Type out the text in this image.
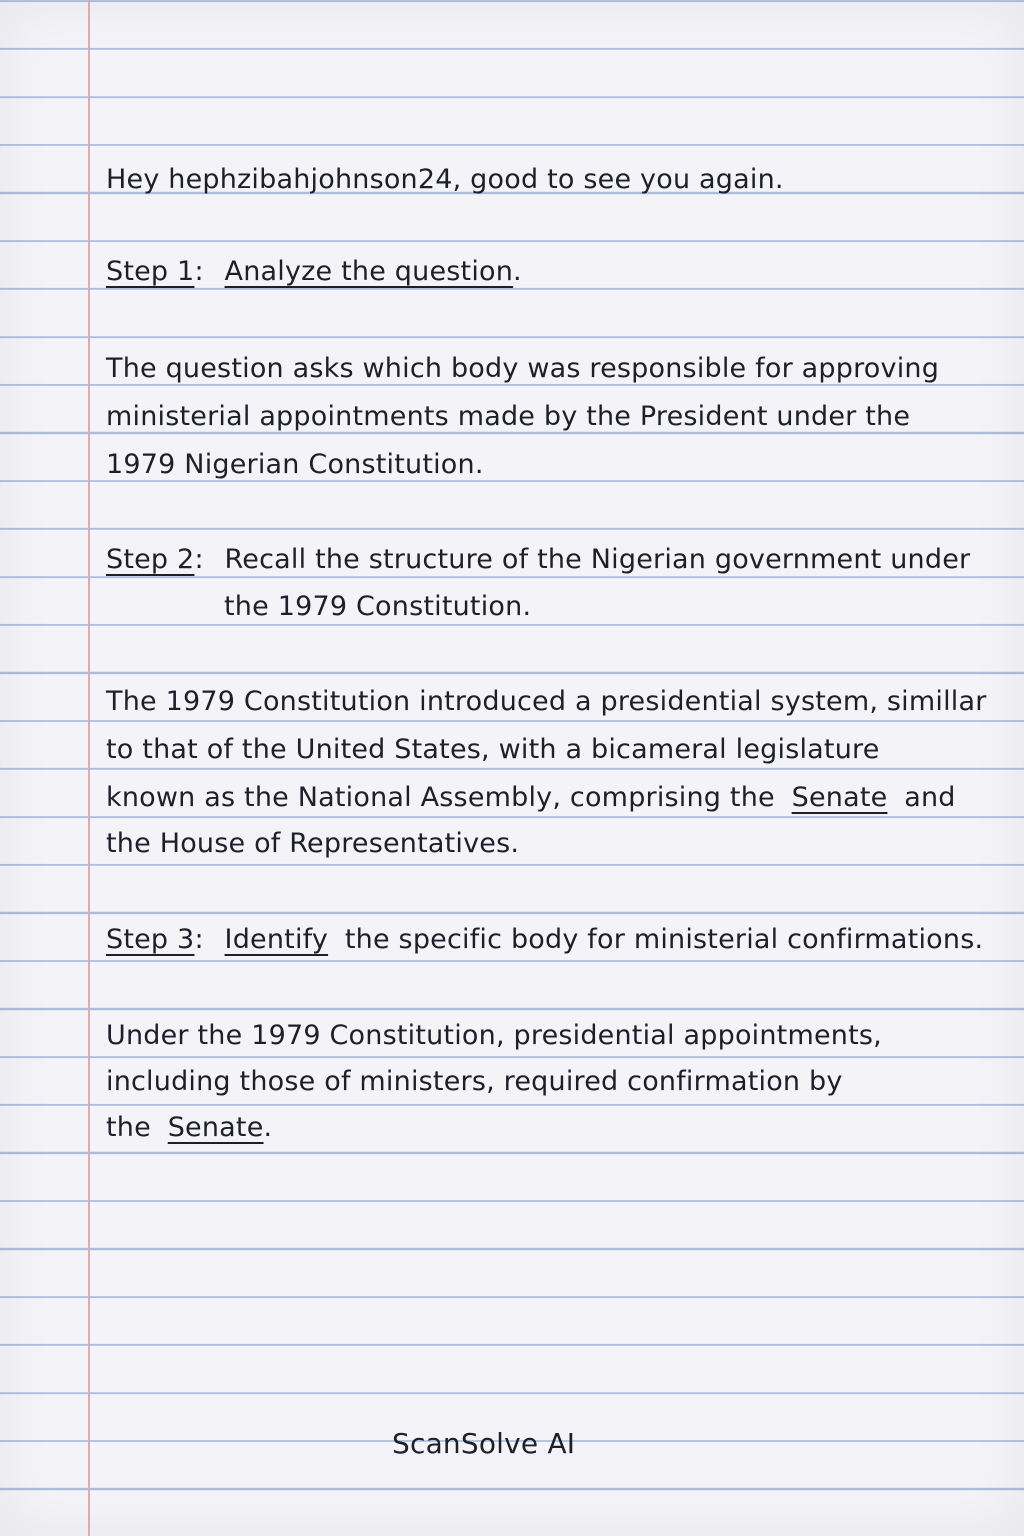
Hey hephzibahjohnson24, good to see you again.
Step 1: Analyze the question.
The question asks which body was responsible for approving
ministerial appointments made by the President under the
1979 Nigerian Constitution.
Step 2: Recall the structure of the Nigerian government under
the 1979 Constitution.
The 1979 Constitution introduced a presidential system, simillar
to that of the United States, with a bicameral legislature
known as the National Assembly, comprising the Senate and
the House of Representatives.
Step 3: Identify the specific body for ministerial confirmations.
Under the 1979 Constitution, presidential appointments,
including those of ministers, required confirmation by
the Senate.
ScanSolve AI
